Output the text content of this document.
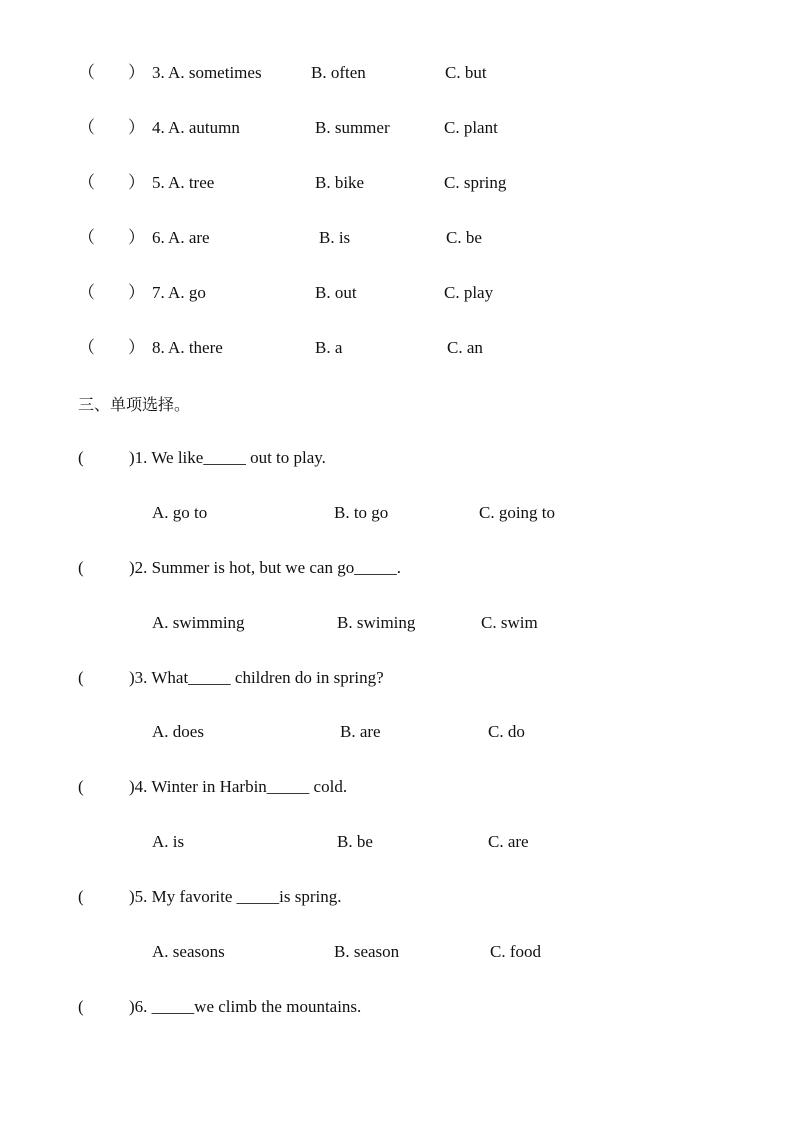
（ ） 3. A. sometimes	B. often	C. but
（ ） 4. A. autumn	B. summer	C. plant
（ ） 5. A. tree	B. bike	C. spring
（ ） 6. A. are	B. is	C. be
（ ） 7. A. go	B. out	C. play
（ ） 8. A. there	B. a	C. an
三、单项选择。
(	)1. We like_____ out to play.
A. go to	B. to go	C. going to
(	)2. Summer is hot, but we can go_____.
A. swimming	B. swiming	C. swim
(	)3. What_____ children do in spring?
A. does	B. are	C. do
(	)4. Winter in Harbin_____ cold.
A. is	B. be	C. are
(	)5. My favorite _____is spring.
A. seasons	B. season	C. food
(	)6. _____we climb the mountains.
